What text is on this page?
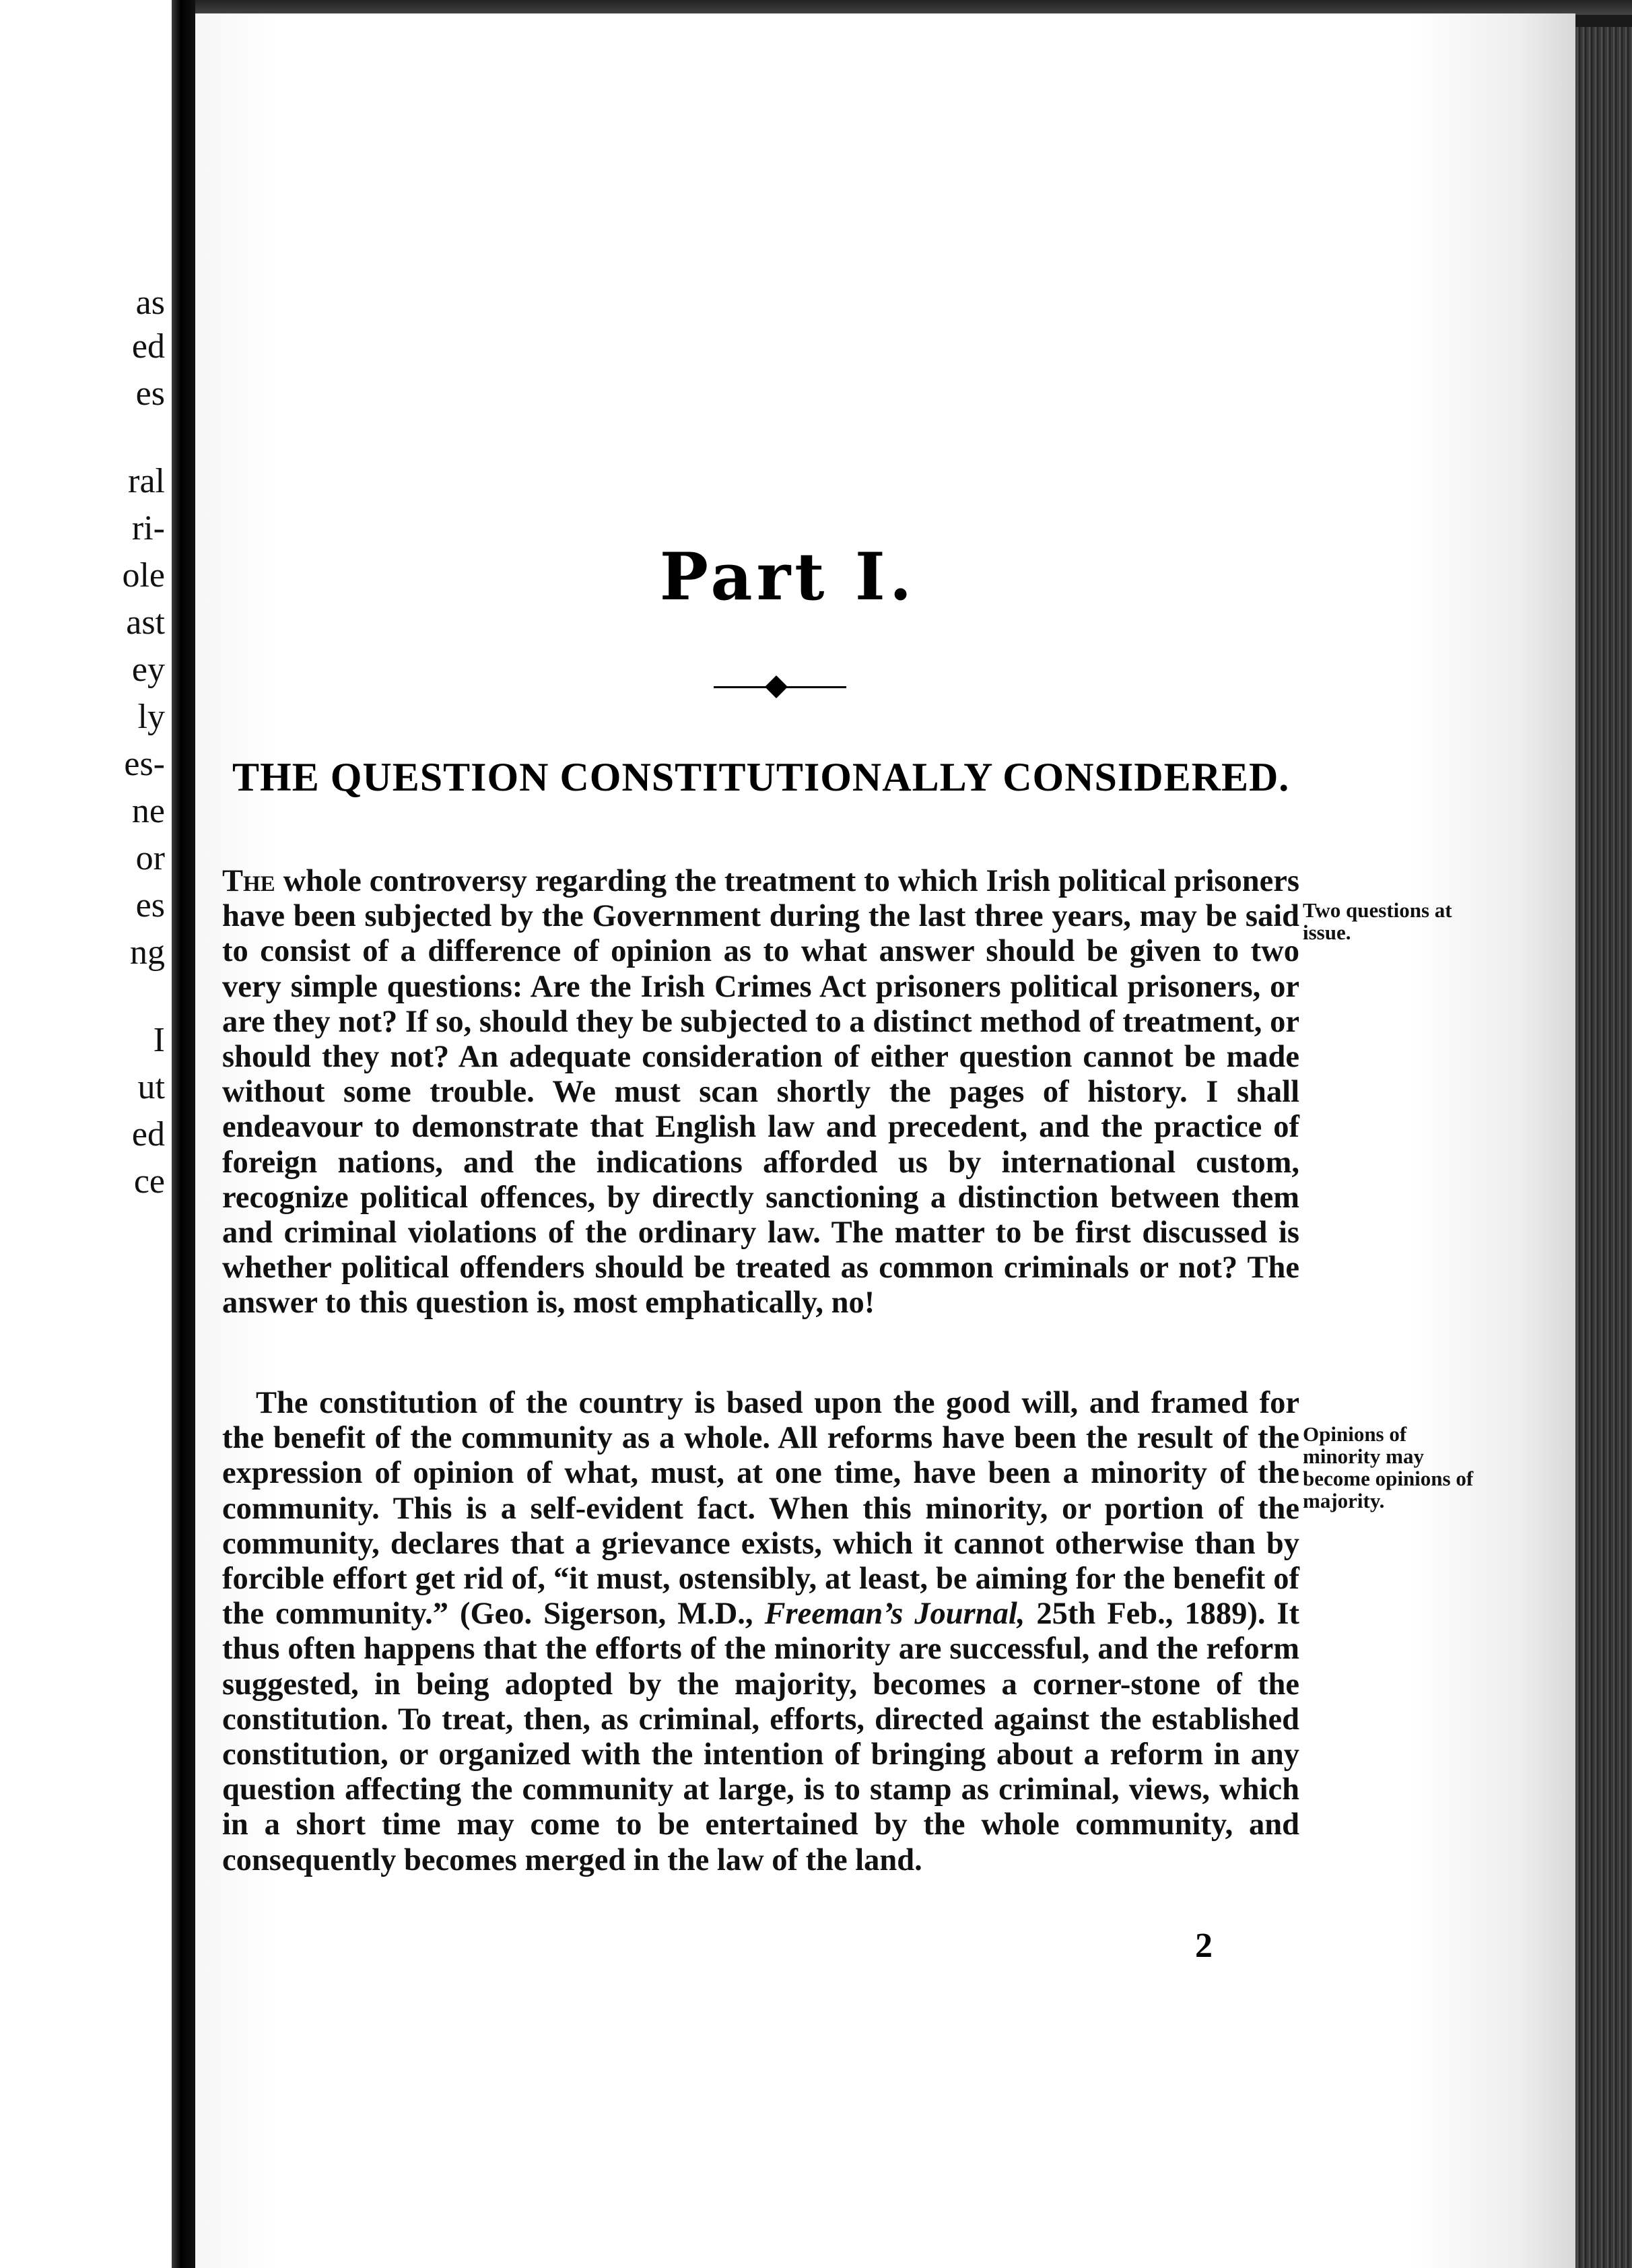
as
ed
es
ral
ri-
ole
ast
ey
ly
es-
ne
or
es
ng
I
ut
ed
ce
Part I.
THE QUESTION CONSTITUTIONALLY CONSIDERED.
The whole controversy regarding the treatment to which Irish political prisoners have been subjected by the Government during the last three years, may be said to consist of a difference of opinion as to what answer should be given to two very simple questions: Are the Irish Crimes Act prisoners political prisoners, or are they not? If so, should they be subjected to a distinct method of treatment, or should they not? An adequate consideration of either question cannot be made without some trouble. We must scan shortly the pages of history. I shall endeavour to demonstrate that English law and precedent, and the practice of foreign nations, and the indications afforded us by international custom, recognize political offences, by directly sanctioning a distinction between them and criminal violations of the ordinary law. The matter to be first discussed is whether political offenders should be treated as common criminals or not? The answer to this question is, most emphatically, no!
The constitution of the country is based upon the good will, and framed for the benefit of the community as a whole. All reforms have been the result of the expression of opinion of what, must, at one time, have been a minority of the community. This is a self-evident fact. When this minority, or portion of the community, declares that a grievance exists, which it cannot otherwise than by forcible effort get rid of, “it must, ostensibly, at least, be aiming for the benefit of the community.” (Geo. Sigerson, M.D., Freeman’s Journal, 25th Feb., 1889). It thus often happens that the efforts of the minority are successful, and the reform suggested, in being adopted by the majority, becomes a corner-stone of the constitution. To treat, then, as criminal, efforts, directed against the established constitution, or organized with the intention of bringing about a reform in any question affecting the community at large, is to stamp as criminal, views, which in a short time may come to be entertained by the whole community, and consequently becomes merged in the law of the land.
Two questions at issue.
Opinions of minority may become opinions of majority.
2
